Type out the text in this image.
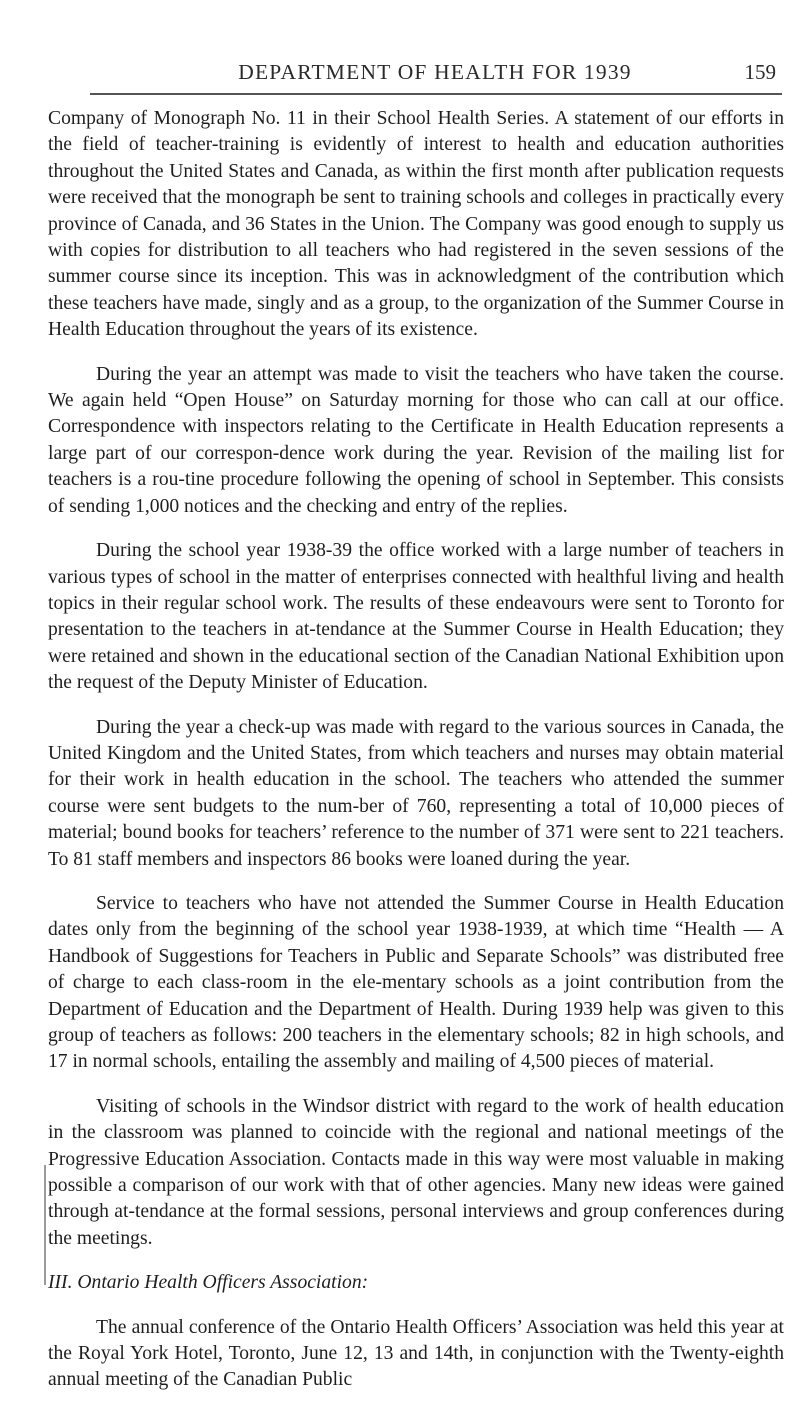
DEPARTMENT OF HEALTH FOR 1939	159

Company of Monograph No. 11 in their School Health Series. A statement of our efforts in the field of teacher-training is evidently of interest to health and education authorities throughout the United States and Canada, as within the first month after publication requests were received that the monograph be sent to training schools and colleges in practically every province of Canada, and 36 States in the Union. The Company was good enough to supply us with copies for distribution to all teachers who had registered in the seven sessions of the summer course since its inception. This was in acknowledgment of the contribution which these teachers have made, singly and as a group, to the organization of the Summer Course in Health Education throughout the years of its existence.

During the year an attempt was made to visit the teachers who have taken the course. We again held “Open House” on Saturday morning for those who can call at our office. Correspondence with inspectors relating to the Certificate in Health Education represents a large part of our correspon-dence work during the year. Revision of the mailing list for teachers is a rou-tine procedure following the opening of school in September. This consists of sending 1,000 notices and the checking and entry of the replies.

During the school year 1938-39 the office worked with a large number of teachers in various types of school in the matter of enterprises connected with healthful living and health topics in their regular school work. The results of these endeavours were sent to Toronto for presentation to the teachers in at-tendance at the Summer Course in Health Education; they were retained and shown in the educational section of the Canadian National Exhibition upon the request of the Deputy Minister of Education.

During the year a check-up was made with regard to the various sources in Canada, the United Kingdom and the United States, from which teachers and nurses may obtain material for their work in health education in the school. The teachers who attended the summer course were sent budgets to the num-ber of 760, representing a total of 10,000 pieces of material; bound books for teachers’ reference to the number of 371 were sent to 221 teachers. To 81 staff members and inspectors 86 books were loaned during the year.

Service to teachers who have not attended the Summer Course in Health Education dates only from the beginning of the school year 1938-1939, at which time “Health — A Handbook of Suggestions for Teachers in Public and Separate Schools” was distributed free of charge to each class-room in the ele-mentary schools as a joint contribution from the Department of Education and the Department of Health. During 1939 help was given to this group of teachers as follows: 200 teachers in the elementary schools; 82 in high schools, and 17 in normal schools, entailing the assembly and mailing of 4,500 pieces of material.

Visiting of schools in the Windsor district with regard to the work of health education in the classroom was planned to coincide with the regional and national meetings of the Progressive Education Association. Contacts made in this way were most valuable in making possible a comparison of our work with that of other agencies. Many new ideas were gained through at-tendance at the formal sessions, personal interviews and group conferences during the meetings.

III. Ontario Health Officers Association:

The annual conference of the Ontario Health Officers’ Association was held this year at the Royal York Hotel, Toronto, June 12, 13 and 14th, in conjunction with the Twenty-eighth annual meeting of the Canadian Public
